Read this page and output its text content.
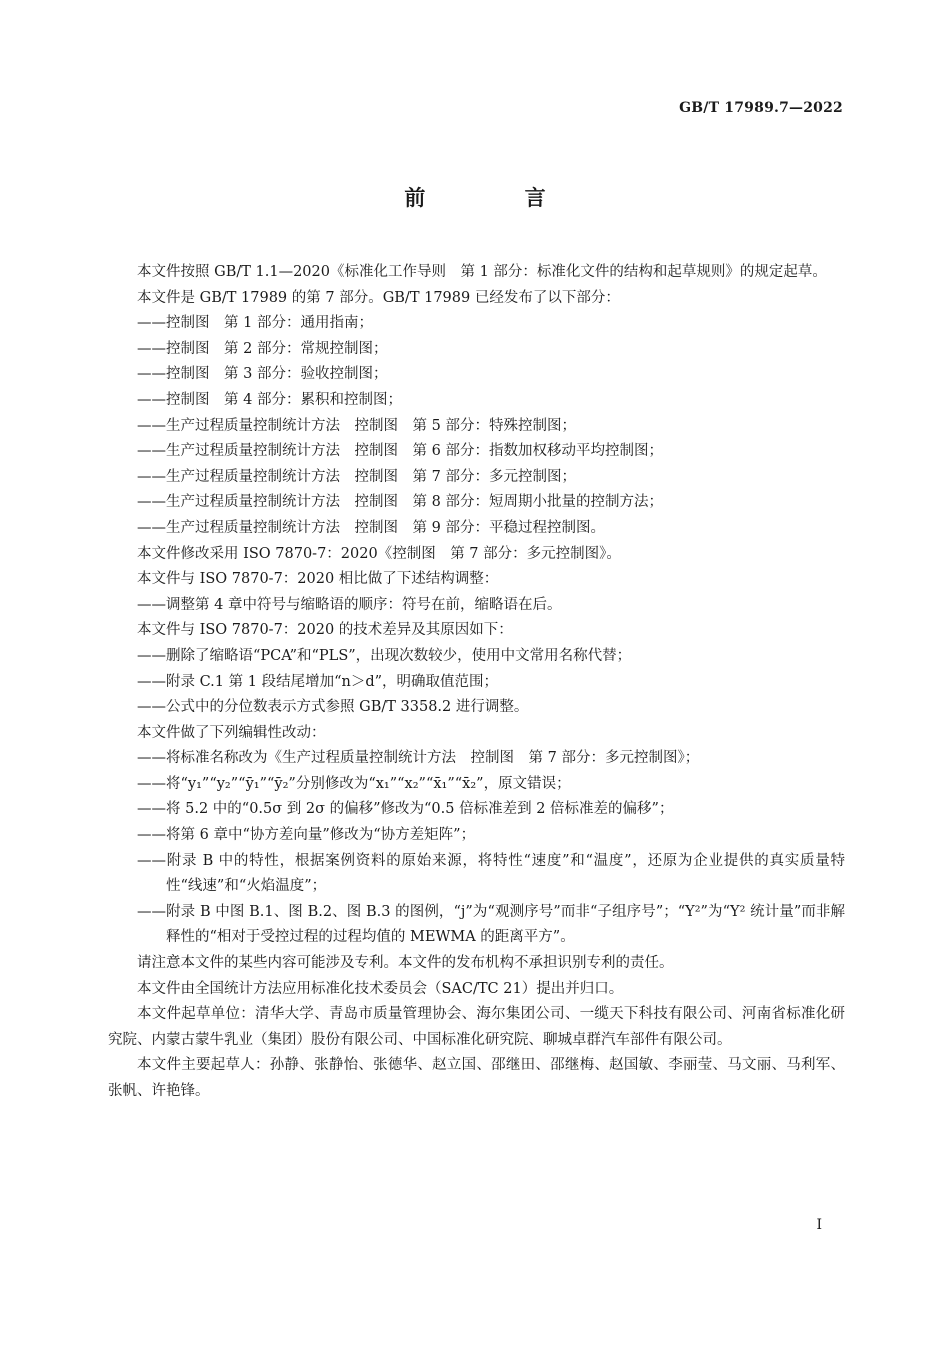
GB/T 17989.7—2022
前 言

本文件按照 GB/T 1.1—2020《标准化工作导则　第 1 部分：标准化文件的结构和起草规则》的规定起草。

本文件是 GB/T 17989 的第 7 部分。GB/T 17989 已经发布了以下部分：

——控制图　第 1 部分：通用指南；

——控制图　第 2 部分：常规控制图；

——控制图　第 3 部分：验收控制图；

——控制图　第 4 部分：累积和控制图；

——生产过程质量控制统计方法　控制图　第 5 部分：特殊控制图；

——生产过程质量控制统计方法　控制图　第 6 部分：指数加权移动平均控制图；

——生产过程质量控制统计方法　控制图　第 7 部分：多元控制图；

——生产过程质量控制统计方法　控制图　第 8 部分：短周期小批量的控制方法；

——生产过程质量控制统计方法　控制图　第 9 部分：平稳过程控制图。

本文件修改采用 ISO 7870-7：2020《控制图　第 7 部分：多元控制图》。

本文件与 ISO 7870-7：2020 相比做了下述结构调整：

——调整第 4 章中符号与缩略语的顺序：符号在前，缩略语在后。

本文件与 ISO 7870-7：2020 的技术差异及其原因如下：

——删除了缩略语“PCA”和“PLS”，出现次数较少，使用中文常用名称代替；

——附录 C.1 第 1 段结尾增加“n＞d”，明确取值范围；

——公式中的分位数表示方式参照 GB/T 3358.2 进行调整。

本文件做了下列编辑性改动：

——将标准名称改为《生产过程质量控制统计方法　控制图　第 7 部分：多元控制图》；

——将“y₁”“y₂”“ȳ₁”“ȳ₂”分别修改为“x₁”“x₂”“x̄₁”“x̄₂”，原文错误；

——将 5.2 中的“0.5σ 到 2σ 的偏移”修改为“0.5 倍标准差到 2 倍标准差的偏移”；

——将第 6 章中“协方差向量”修改为“协方差矩阵”；

——附录 B 中的特性，根据案例资料的原始来源，将特性“速度”和“温度”，还原为企业提供的真实质量特性“线速”和“火焰温度”；

——附录 B 中图 B.1、图 B.2、图 B.3 的图例，“j”为“观测序号”而非“子组序号”；“Y²”为“Y² 统计量”而非解释性的“相对于受控过程的过程均值的 MEWMA 的距离平方”。

请注意本文件的某些内容可能涉及专利。本文件的发布机构不承担识别专利的责任。

本文件由全国统计方法应用标准化技术委员会（SAC/TC 21）提出并归口。

本文件起草单位：清华大学、青岛市质量管理协会、海尔集团公司、一缆天下科技有限公司、河南省标准化研究院、内蒙古蒙牛乳业（集团）股份有限公司、中国标准化研究院、聊城卓群汽车部件有限公司。

本文件主要起草人：孙静、张静怡、张德华、赵立国、邵继田、邵继梅、赵国敏、李丽莹、马文丽、马利军、张帆、许艳锋。

I
